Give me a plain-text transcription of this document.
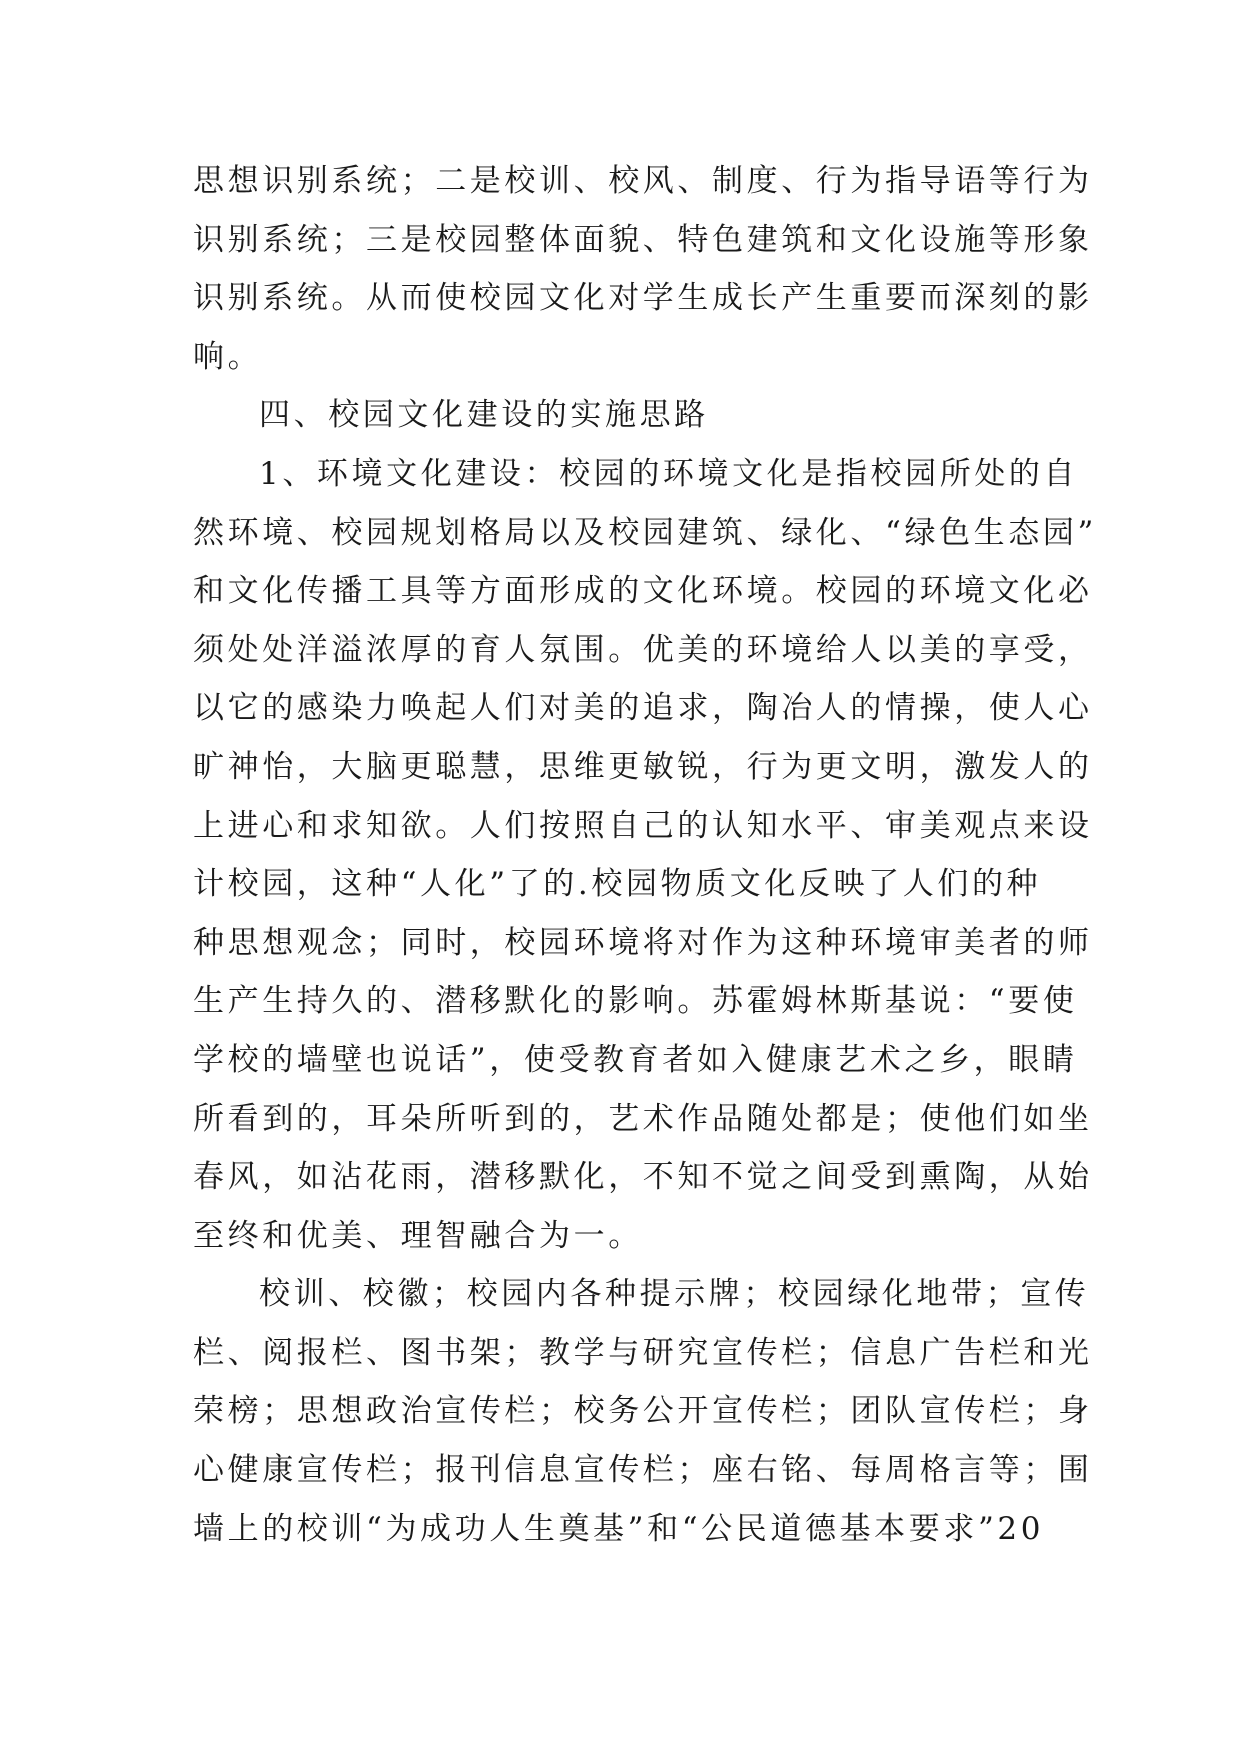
思想识别系统；二是校训、校风、制度、行为指导语等行为
识别系统；三是校园整体面貌、特色建筑和文化设施等形象
识别系统。从而使校园文化对学生成长产生重要而深刻的影
响。
四、校园文化建设的实施思路
1、环境文化建设：校园的环境文化是指校园所处的自
然环境、校园规划格局以及校园建筑、绿化、“绿色生态园”
和文化传播工具等方面形成的文化环境。校园的环境文化必
须处处洋溢浓厚的育人氛围。优美的环境给人以美的享受，
以它的感染力唤起人们对美的追求，陶冶人的情操，使人心
旷神怡，大脑更聪慧，思维更敏锐，行为更文明，激发人的
上进心和求知欲。人们按照自己的认知水平、审美观点来设
计校园，这种“人化”了的.校园物质文化反映了人们的种
种思想观念；同时，校园环境将对作为这种环境审美者的师
生产生持久的、潜移默化的影响。苏霍姆林斯基说：“要使
学校的墙壁也说话”，使受教育者如入健康艺术之乡，眼睛
所看到的，耳朵所听到的，艺术作品随处都是；使他们如坐
春风，如沾花雨，潜移默化，不知不觉之间受到熏陶，从始
至终和优美、理智融合为一。
校训、校徽；校园内各种提示牌；校园绿化地带；宣传
栏、阅报栏、图书架；教学与研究宣传栏；信息广告栏和光
荣榜；思想政治宣传栏；校务公开宣传栏；团队宣传栏；身
心健康宣传栏；报刊信息宣传栏；座右铭、每周格言等；围
墙上的校训“为成功人生奠基”和“公民道德基本要求”20
